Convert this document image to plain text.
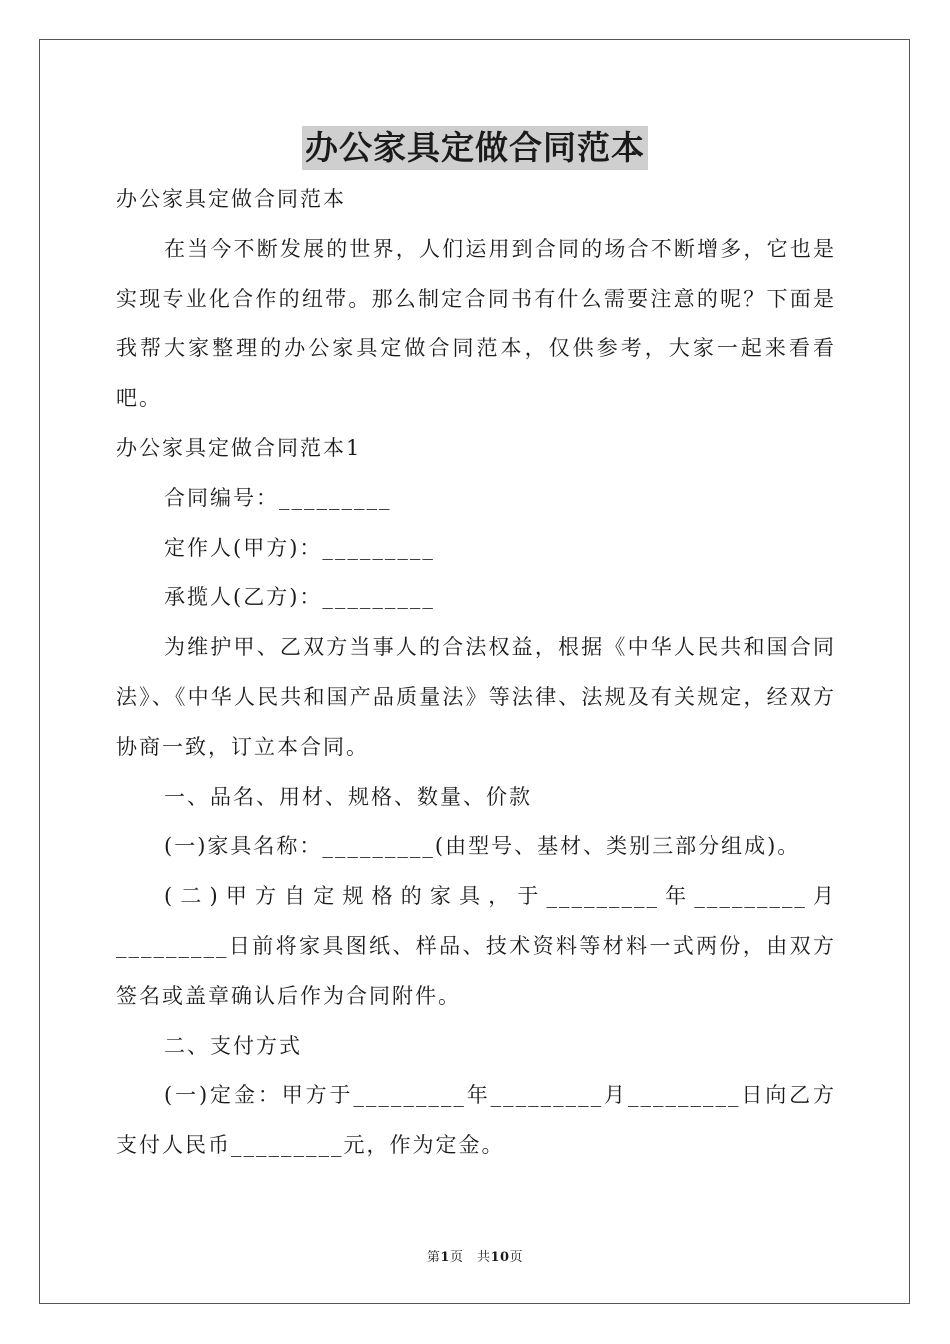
办公家具定做合同范本

办公家具定做合同范本

在当今不断发展的世界，人们运用到合同的场合不断增多，它也是实现专业化合作的纽带。那么制定合同书有什么需要注意的呢？下面是我帮大家整理的办公家具定做合同范本，仅供参考，大家一起来看看吧。

办公家具定做合同范本1

合同编号：_________

定作人(甲方)：_________

承揽人(乙方)：_________

为维护甲、乙双方当事人的合法权益，根据《中华人民共和国合同法》、《中华人民共和国产品质量法》等法律、法规及有关规定，经双方协商一致，订立本合同。

一、品名、用材、规格、数量、价款

(一)家具名称：_________(由型号、基材、类别三部分组成)。

(二)甲方自定规格的家具，于_________年_________月_________日前将家具图纸、样品、技术资料等材料一式两份，由双方签名或盖章确认后作为合同附件。

二、支付方式

(一)定金：甲方于_________年_________月_________日向乙方支付人民币_________元，作为定金。

第1页　共10页
